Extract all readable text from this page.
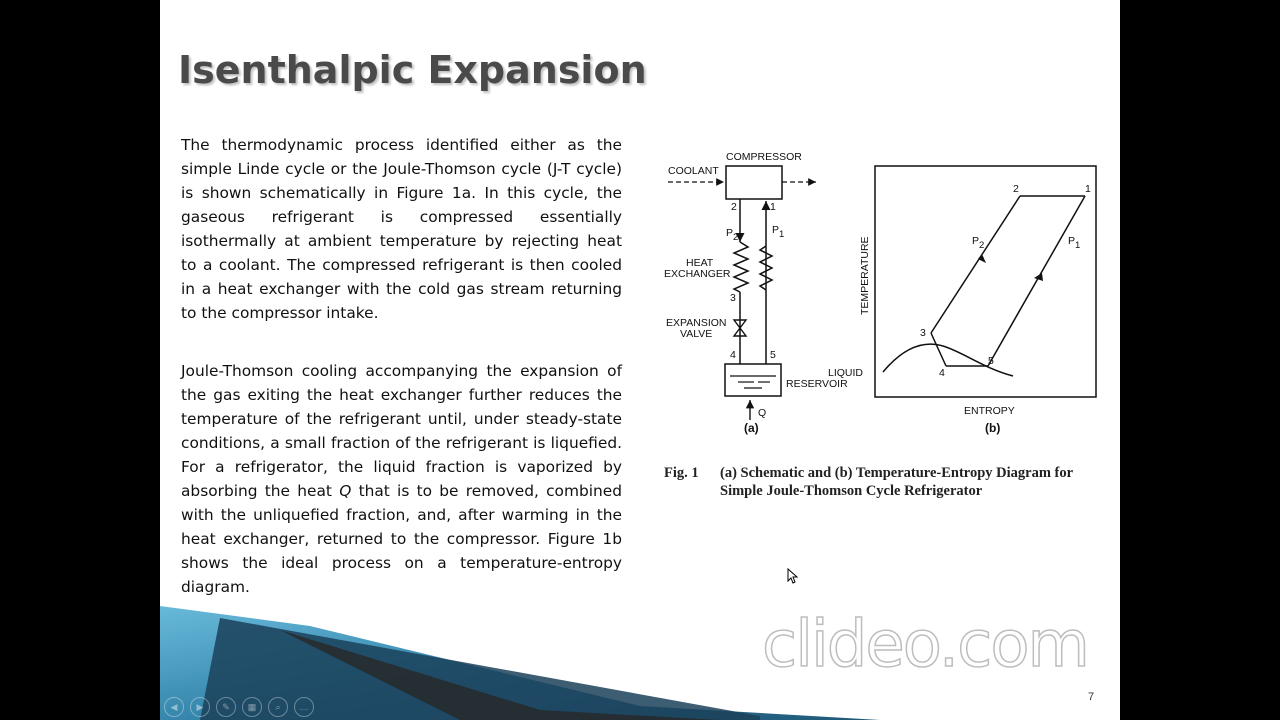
Isenthalpic Expansion

The thermodynamic process identified either as the simple Linde cycle or the Joule-Thomson cycle (J-T cycle) is shown schematically in Figure 1a. In this cycle, the gaseous refrigerant is compressed essentially isothermally at ambient temperature by rejecting heat to a coolant. The compressed refrigerant is then cooled in a heat exchanger with the cold gas stream returning to the compressor intake.

Joule-Thomson cooling accompanying the expansion of the gas exiting the heat exchanger further reduces the temperature of the refrigerant until, under steady-state conditions, a small fraction of the refrigerant is liquefied. For a refrigerator, the liquid fraction is vaporized by absorbing the heat Q that is to be removed, combined with the unliquefied fraction, and, after warming in the heat exchanger, returned to the compressor. Figure 1b shows the ideal process on a temperature-entropy diagram.

COMPRESSOR
COOLANT
2	1
P2
P1
HEAT
EXCHANGER
3
EXPANSION
VALVE
4	5
LIQUID
RESERVOIR
Q
(a)
TEMPERATURE
ENTROPY
(b)
P2	P1
2	1
3
4
5
Fig. 1 (a) Schematic and (b) Temperature-Entropy Diagram for Simple Joule-Thomson Cycle Refrigerator
◀	▶	✎	▦	⌕	…
7
clideo.com
